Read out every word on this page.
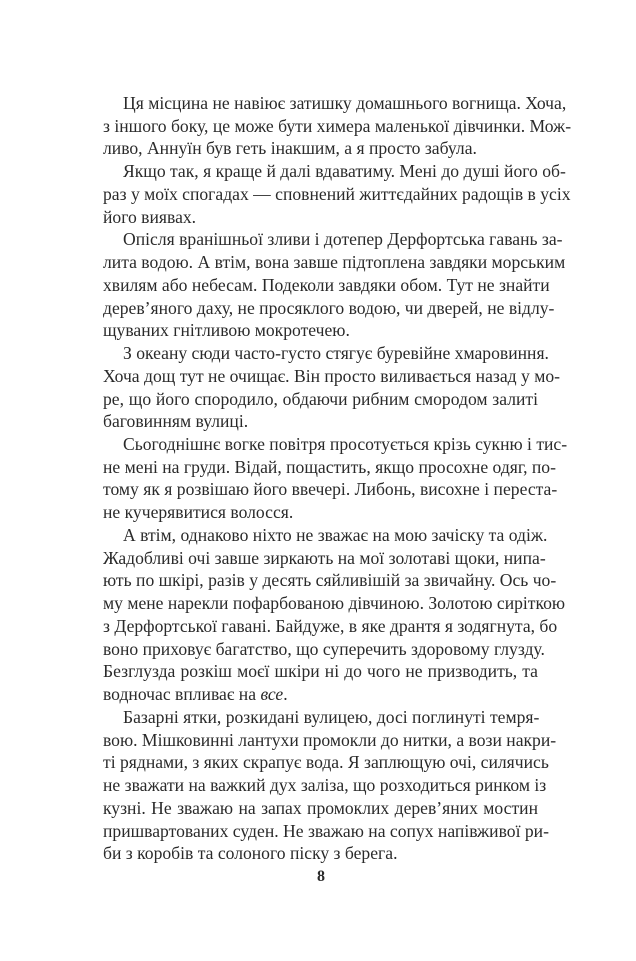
Ця місцина не навіює затишку домашнього вогнища. Хоча,
з іншого боку, це може бути химера маленької дівчинки. Мож-
ливо, Аннуїн був геть інакшим, а я просто забула.
Якщо так, я краще й далі вдаватиму. Мені до душі його об-
раз у моїх спогадах — сповнений життєдайних радощів в усіх
його виявах.
Опісля вранішньої зливи і дотепер Дерфортська гавань за-
лита водою. А втім, вона завше підтоплена завдяки морським
хвилям або небесам. Подеколи завдяки обом. Тут не знайти
дерев’яного даху, не просяклого водою, чи дверей, не відлу-
щуваних гнітливою мокротечею.
З океану сюди часто-густо стягує буревійне хмаровиння.
Хоча дощ тут не очищає. Він просто виливається назад у мо-
ре, що його спородило, обдаючи рибним смородом залиті
баговинням вулиці.
Сьогоднішнє вогке повітря просотується крізь сукню і тис-
не мені на груди. Відай, пощастить, якщо просохне одяг, по-
тому як я розвішаю його ввечері. Либонь, висохне і переста-
не кучерявитися волосся.
А втім, однаково ніхто не зважає на мою зачіску та одіж.
Жадобливі очі завше зиркають на мої золотаві щоки, нипа-
ють по шкірі, разів у десять сяйливішій за звичайну. Ось чо-
му мене нарекли пофарбованою дівчиною. Золотою сиріткою
з Дерфортської гавані. Байдуже, в яке дрантя я зодягнута, бо
воно приховує багатство, що суперечить здоровому глузду.
Безглузда розкіш моєї шкіри ні до чого не призводить, та
водночас впливає на все.
Базарні ятки, розкидані вулицею, досі поглинуті темря-
вою. Мішковинні лантухи промокли до нитки, а вози накри-
ті ряднами, з яких скрапує вода. Я заплющую очі, силячись
не зважати на важкий дух заліза, що розходиться ринком із
кузні. Не зважаю на запах промоклих дерев’яних мостин
пришвартованих суден. Не зважаю на сопух напівживої ри-
би з коробів та солоного піску з берега.
8
